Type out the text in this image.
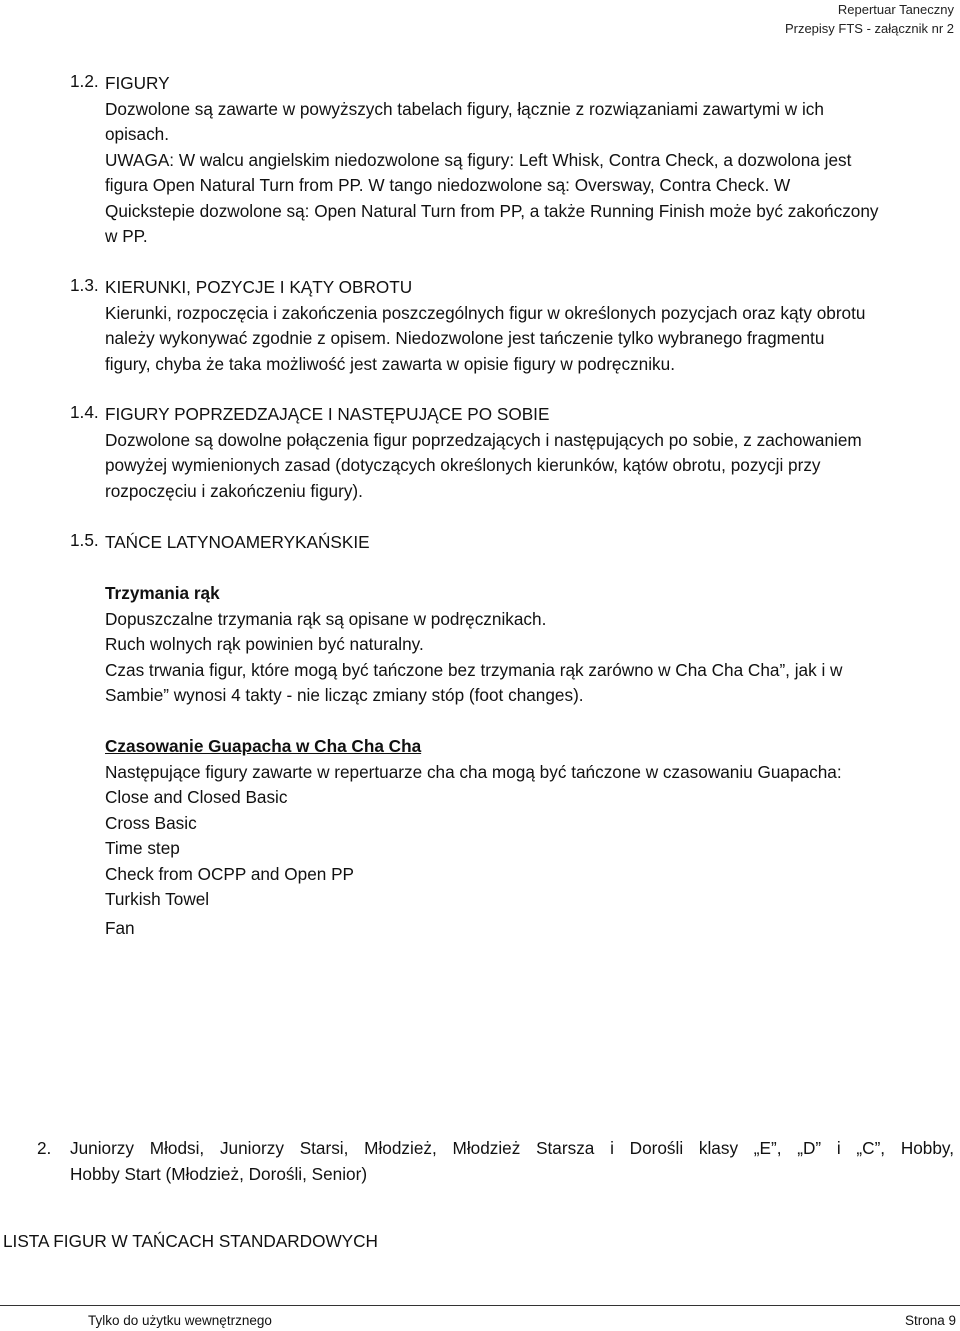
Repertuar Taneczny
Przepisy FTS - załącznik nr 2
1.2. FIGURY
Dozwolone są zawarte w powyższych tabelach figury, łącznie z rozwiązaniami zawartymi w ich
opisach.
UWAGA: W walcu angielskim niedozwolone są figury: Left Whisk, Contra Check, a dozwolona jest
figura Open Natural Turn from PP. W tango niedozwolone są: Oversway, Contra Check. W
Quickstepie dozwolone są: Open Natural Turn from PP, a także Running Finish może być zakończony
w PP.
1.3. KIERUNKI, POZYCJE I KĄTY OBROTU
Kierunki, rozpoczęcia i zakończenia poszczególnych figur w określonych pozycjach oraz kąty obrotu
należy wykonywać zgodnie z opisem. Niedozwolone jest tańczenie tylko wybranego fragmentu
figury, chyba że taka możliwość jest zawarta w opisie figury w podręczniku.
1.4. FIGURY POPRZEDZAJĄCE I NASTĘPUJĄCE PO SOBIE
Dozwolone są dowolne połączenia figur poprzedzających i następujących po sobie, z zachowaniem
powyżej wymienionych zasad (dotyczących określonych kierunków, kątów obrotu, pozycji przy
rozpoczęciu i zakończeniu figury).
1.5. TAŃCE LATYNOAMERYKAŃSKIE
Trzymania rąk
Dopuszczalne trzymania rąk są opisane w podręcznikach.
Ruch wolnych rąk powinien być naturalny.
Czas trwania figur, które mogą być tańczone bez trzymania rąk zarówno w Cha Cha Cha”, jak i w
Sambie” wynosi 4 takty - nie licząc zmiany stóp (foot changes).
Czasowanie Guapacha w Cha Cha Cha
Następujące figury zawarte w repertuarze cha cha mogą być tańczone w czasowaniu Guapacha:
Close and Closed Basic
Cross Basic
Time step
Check from OCPP and Open PP
Turkish Towel
Fan
2. Juniorzy Młodsi, Juniorzy Starsi, Młodzież, Młodzież Starsza i Dorośli klasy „E”, „D” i „C”, Hobby,
Hobby Start (Młodzież, Dorośli, Senior)
LISTA FIGUR W TAŃCACH STANDARDOWYCH
Tylko do użytku wewnętrznego	Strona 9
